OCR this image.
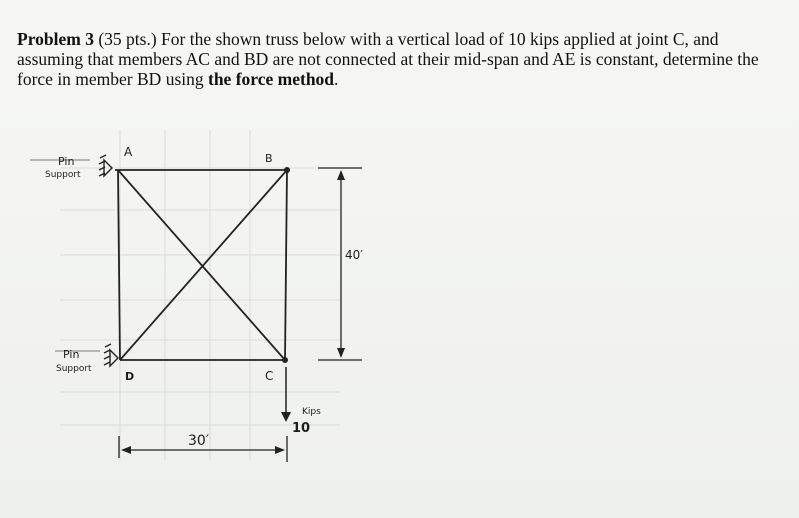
Problem 3 (35 pts.) For the shown truss below with a vertical load of 10 kips applied at joint C, and assuming that members AC and BD are not connected at their mid-span and AE is constant, determine the force in member BD using the force method.

A	B
C
D
Pin
Support
Pin
Support
40′
30′
10
Kips
